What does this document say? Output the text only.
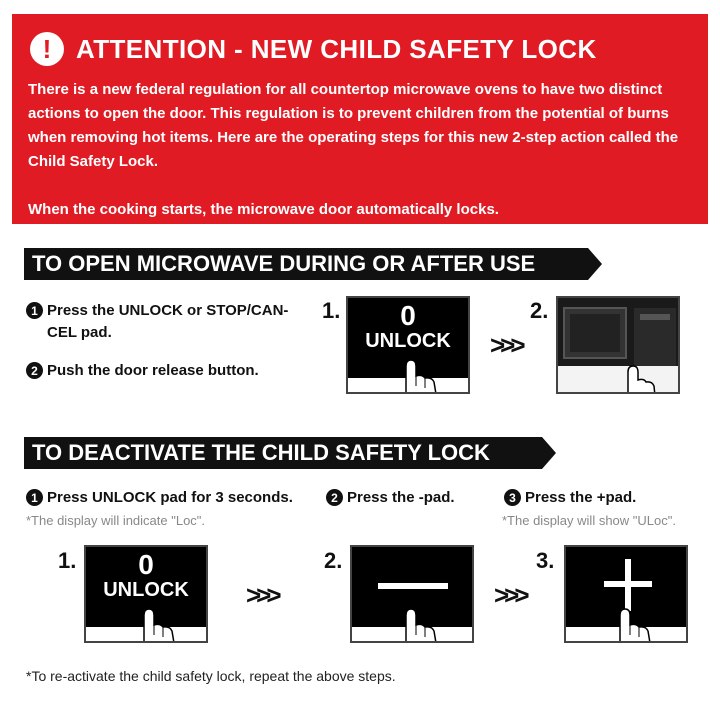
! ATTENTION - NEW CHILD SAFETY LOCK
There is a new federal regulation for all countertop microwave ovens to have two distinct actions to open the door. This regulation is to prevent children from the potential of burns when removing hot items. Here are the operating steps for this new 2-step action called the Child Safety Lock.
When the cooking starts, the microwave door automatically locks.
TO OPEN MICROWAVE DURING OR AFTER USE
1 Press the UNLOCK or STOP/CAN-CEL pad.
2 Push the door release button.
1.	0
UNLOCK	>>>
2.
TO DEACTIVATE THE CHILD SAFETY LOCK
1 Press UNLOCK pad for 3 seconds.
*The display will indicate "Loc".
2 Press the -pad.	3 Press the +pad.
*The display will show "ULoc".
1.	0
UNLOCK	>>>
2.
>>>
3.
*To re-activate the child safety lock, repeat the above steps.
